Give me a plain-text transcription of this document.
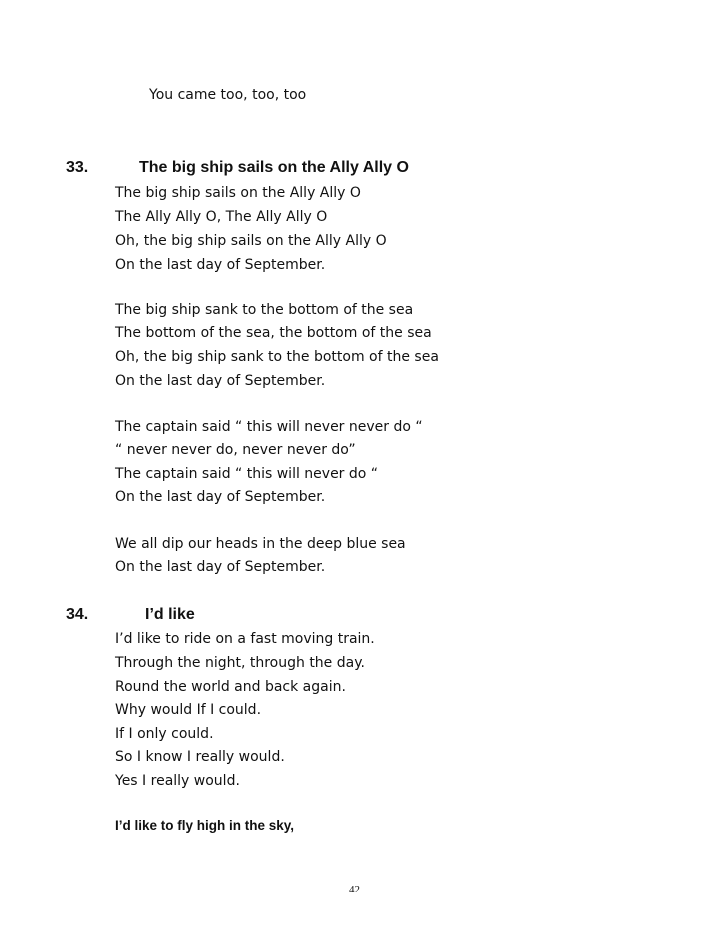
You came too, too, too
33.	The big ship sails on the Ally Ally O
The big ship sails on the Ally Ally O
The Ally Ally O, The Ally Ally O
Oh, the big ship sails on the Ally Ally O
On the last day of September.
The big ship sank to the bottom of the sea
The bottom of the sea, the bottom of the sea
Oh, the big ship sank to the bottom of the sea
On the last day of September.
The captain said “ this will never never do “
“ never never do, never never do”
The captain said “ this will never do “
On the last day of September.
We all dip our heads in the deep blue sea
On the last day of September.
34.	I’d like
I’d like to ride on a fast moving train.
Through the night, through the day.
Round the world and back again.
Why would If I could.
If I only could.
So I know I really would.
Yes I really would.
I’d like to fly high in the sky,
42
